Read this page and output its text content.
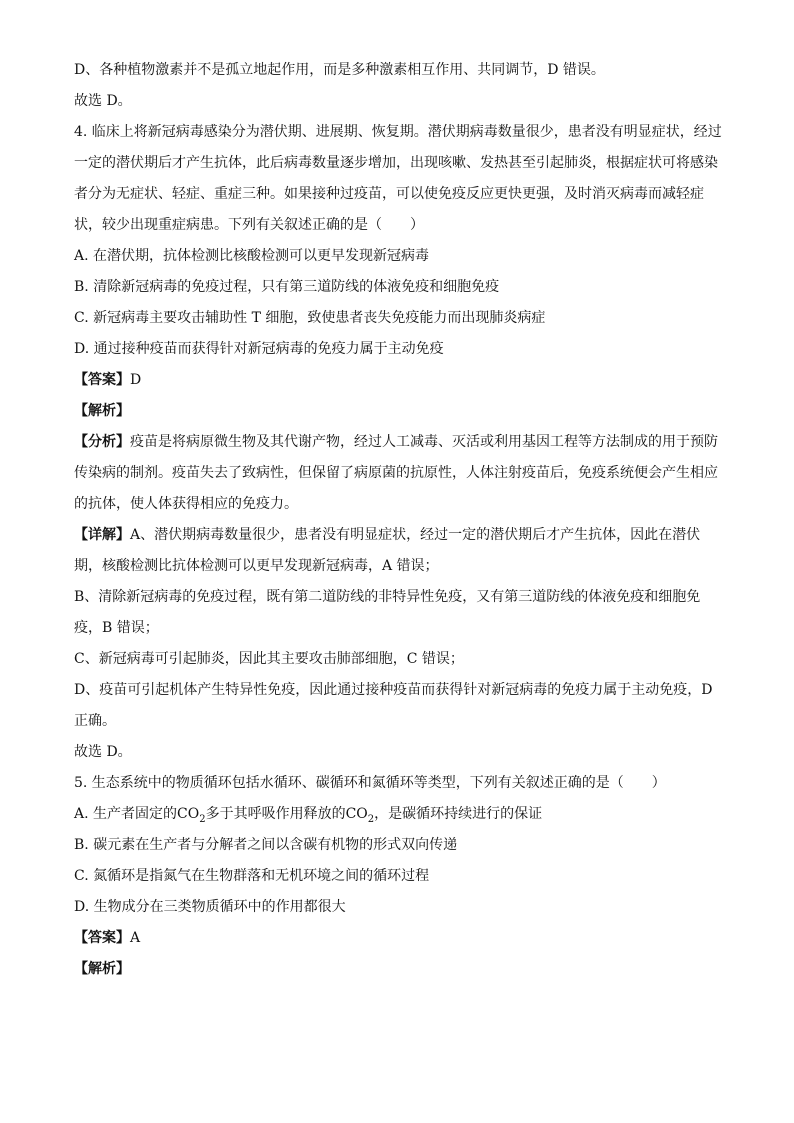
D、各种植物激素并不是孤立地起作用，而是多种激素相互作用、共同调节，D 错误。
故选 D。
4. 临床上将新冠病毒感染分为潜伏期、进展期、恢复期。潜伏期病毒数量很少，患者没有明显症状，经过
一定的潜伏期后才产生抗体，此后病毒数量逐步增加，出现咳嗽、发热甚至引起肺炎，根据症状可将感染
者分为无症状、轻症、重症三种。如果接种过疫苗，可以使免疫反应更快更强，及时消灭病毒而减轻症
状，较少出现重症病患。下列有关叙述正确的是（　　）
A. 在潜伏期，抗体检测比核酸检测可以更早发现新冠病毒
B. 清除新冠病毒的免疫过程，只有第三道防线的体液免疫和细胞免疫
C. 新冠病毒主要攻击辅助性 T 细胞，致使患者丧失免疫能力而出现肺炎病症
D. 通过接种疫苗而获得针对新冠病毒的免疫力属于主动免疫
【答案】D
【解析】
【分析】疫苗是将病原微生物及其代谢产物，经过人工减毒、灭活或利用基因工程等方法制成的用于预防
传染病的制剂。疫苗失去了致病性，但保留了病原菌的抗原性，人体注射疫苗后，免疫系统便会产生相应
的抗体，使人体获得相应的免疫力。
【详解】A、潜伏期病毒数量很少，患者没有明显症状，经过一定的潜伏期后才产生抗体，因此在潜伏
期，核酸检测比抗体检测可以更早发现新冠病毒，A 错误；
B、清除新冠病毒的免疫过程，既有第二道防线的非特异性免疫，又有第三道防线的体液免疫和细胞免
疫，B 错误；
C、新冠病毒可引起肺炎，因此其主要攻击肺部细胞，C 错误；
D、疫苗可引起机体产生特异性免疫，因此通过接种疫苗而获得针对新冠病毒的免疫力属于主动免疫，D
正确。
故选 D。
5. 生态系统中的物质循环包括水循环、碳循环和氮循环等类型，下列有关叙述正确的是（　　）
A. 生产者固定的$CO_2$多于其呼吸作用释放的$CO_2$，是碳循环持续进行的保证
B. 碳元素在生产者与分解者之间以含碳有机物的形式双向传递
C. 氮循环是指氮气在生物群落和无机环境之间的循环过程
D. 生物成分在三类物质循环中的作用都很大
【答案】A
【解析】
